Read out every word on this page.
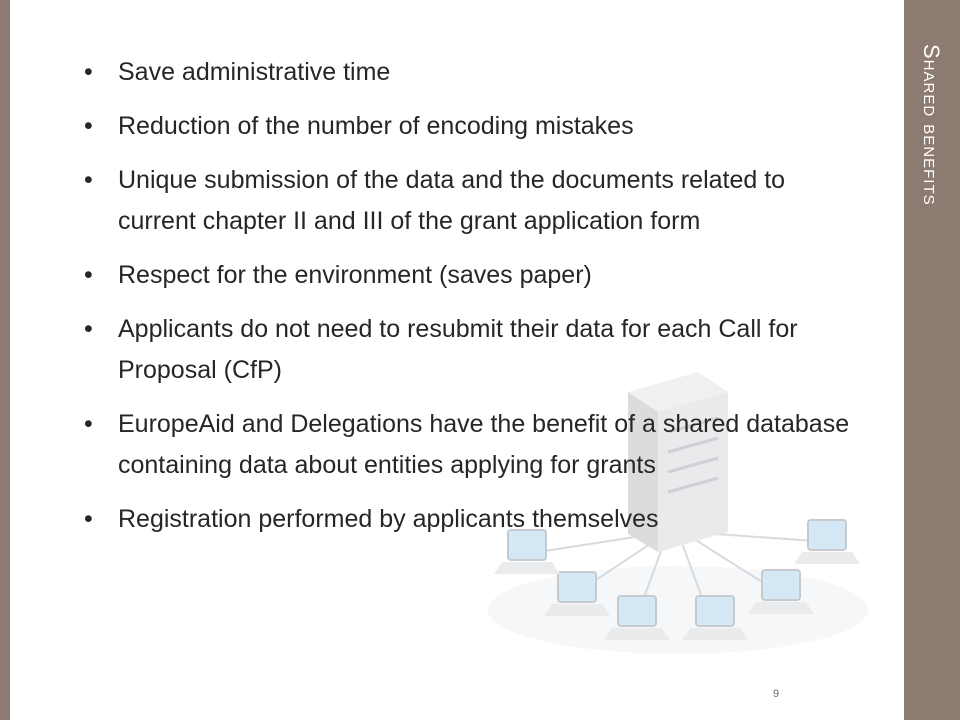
• Save administrative time
• Reduction of the number of encoding mistakes
• Unique submission of the data and the documents related to current chapter II and III of the grant application form
• Respect for the environment (saves paper)
• Applicants do not need to resubmit their data for each Call for Proposal (CfP)
• EuropeAid and Delegations have the benefit of a shared database containing data about entities applying for grants
• Registration performed by applicants themselves
Shared benefits
9
